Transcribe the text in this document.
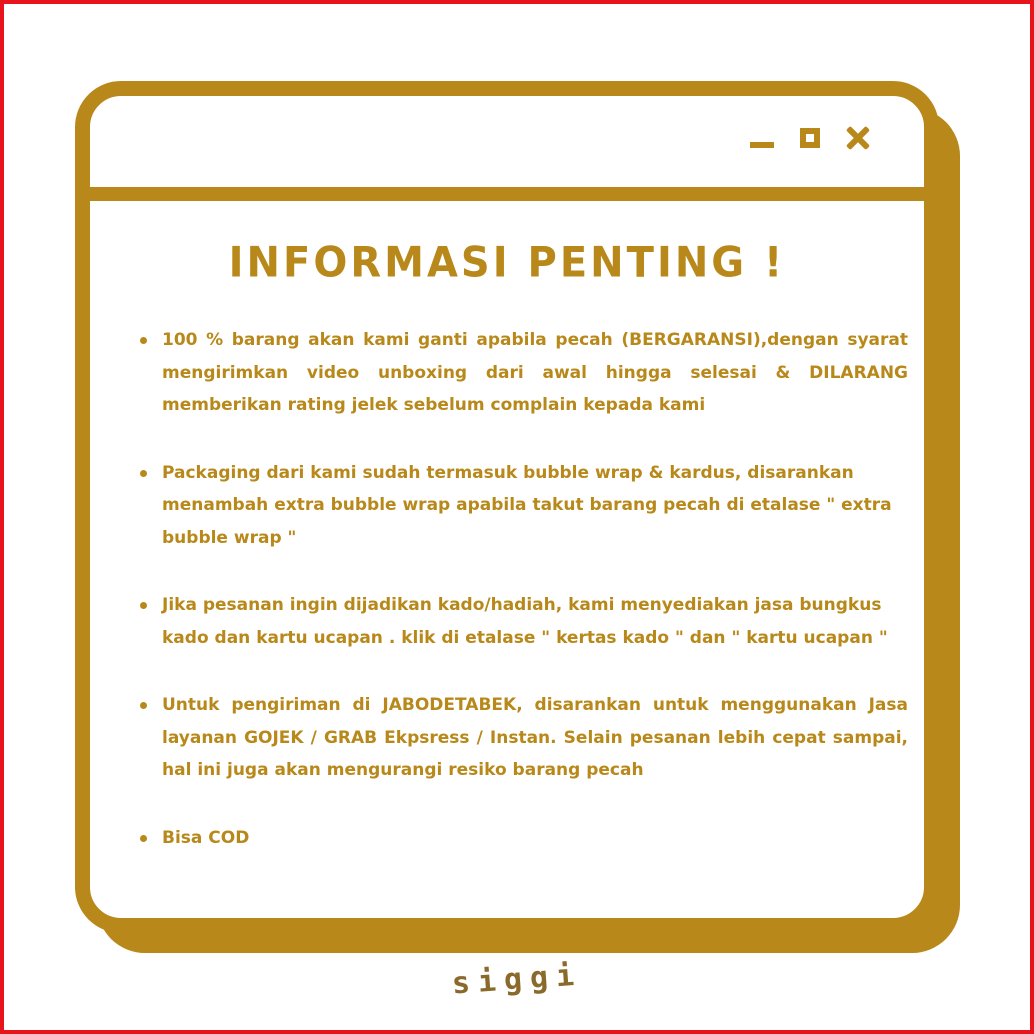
INFORMASI PENTING !
100 % barang akan kami ganti apabila pecah (BERGARANSI),dengan syarat mengirimkan video unboxing dari awal hingga selesai & DILARANG memberikan rating jelek sebelum complain kepada kami
Packaging dari kami sudah termasuk bubble wrap & kardus, disarankan menambah extra bubble wrap apabila takut barang pecah di etalase " extra bubble wrap "
Jika pesanan ingin dijadikan kado/hadiah, kami menyediakan jasa bungkus kado dan kartu ucapan . klik di etalase " kertas kado " dan " kartu ucapan "
Untuk pengiriman di JABODETABEK, disarankan untuk menggunakan Jasa layanan GOJEK / GRAB Ekpsress / Instan. Selain pesanan lebih cepat sampai, hal ini juga akan mengurangi resiko barang pecah
Bisa COD
siggi
